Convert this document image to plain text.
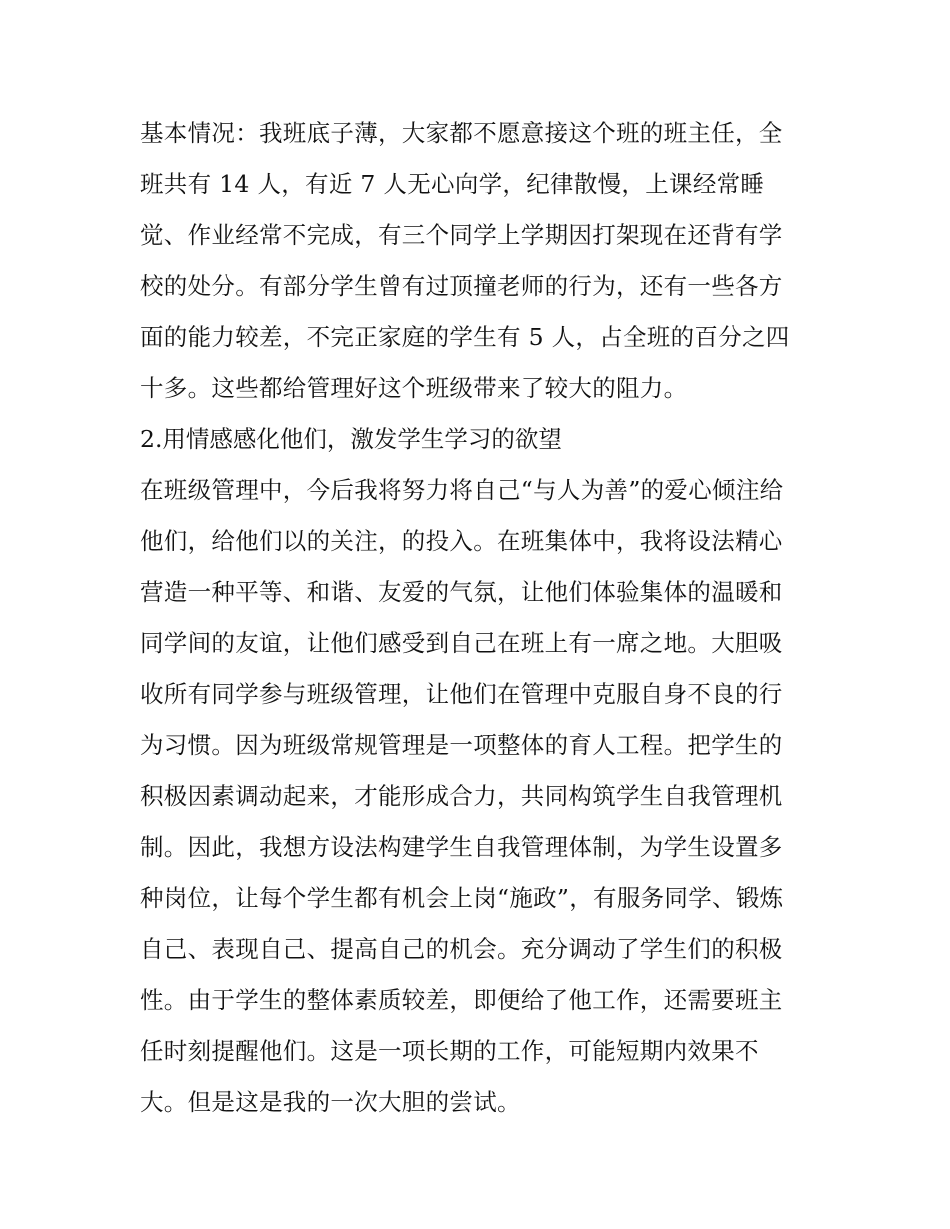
基本情况：我班底子薄，大家都不愿意接这个班的班主任，全
班共有 14 人，有近 7 人无心向学，纪律散慢，上课经常睡
觉、作业经常不完成，有三个同学上学期因打架现在还背有学
校的处分。有部分学生曾有过顶撞老师的行为，还有一些各方
面的能力较差，不完正家庭的学生有 5 人，占全班的百分之四
十多。这些都给管理好这个班级带来了较大的阻力。
2.用情感感化他们，激发学生学习的欲望
在班级管理中，今后我将努力将自己“与人为善”的爱心倾注给
他们，给他们以的关注，的投入。在班集体中，我将设法精心
营造一种平等、和谐、友爱的气氛，让他们体验集体的温暖和
同学间的友谊，让他们感受到自己在班上有一席之地。大胆吸
收所有同学参与班级管理，让他们在管理中克服自身不良的行
为习惯。因为班级常规管理是一项整体的育人工程。把学生的
积极因素调动起来，才能形成合力，共同构筑学生自我管理机
制。因此，我想方设法构建学生自我管理体制，为学生设置多
种岗位，让每个学生都有机会上岗“施政”，有服务同学、锻炼
自己、表现自己、提高自己的机会。充分调动了学生们的积极
性。由于学生的整体素质较差，即便给了他工作，还需要班主
任时刻提醒他们。这是一项长期的工作，可能短期内效果不
大。但是这是我的一次大胆的尝试。
